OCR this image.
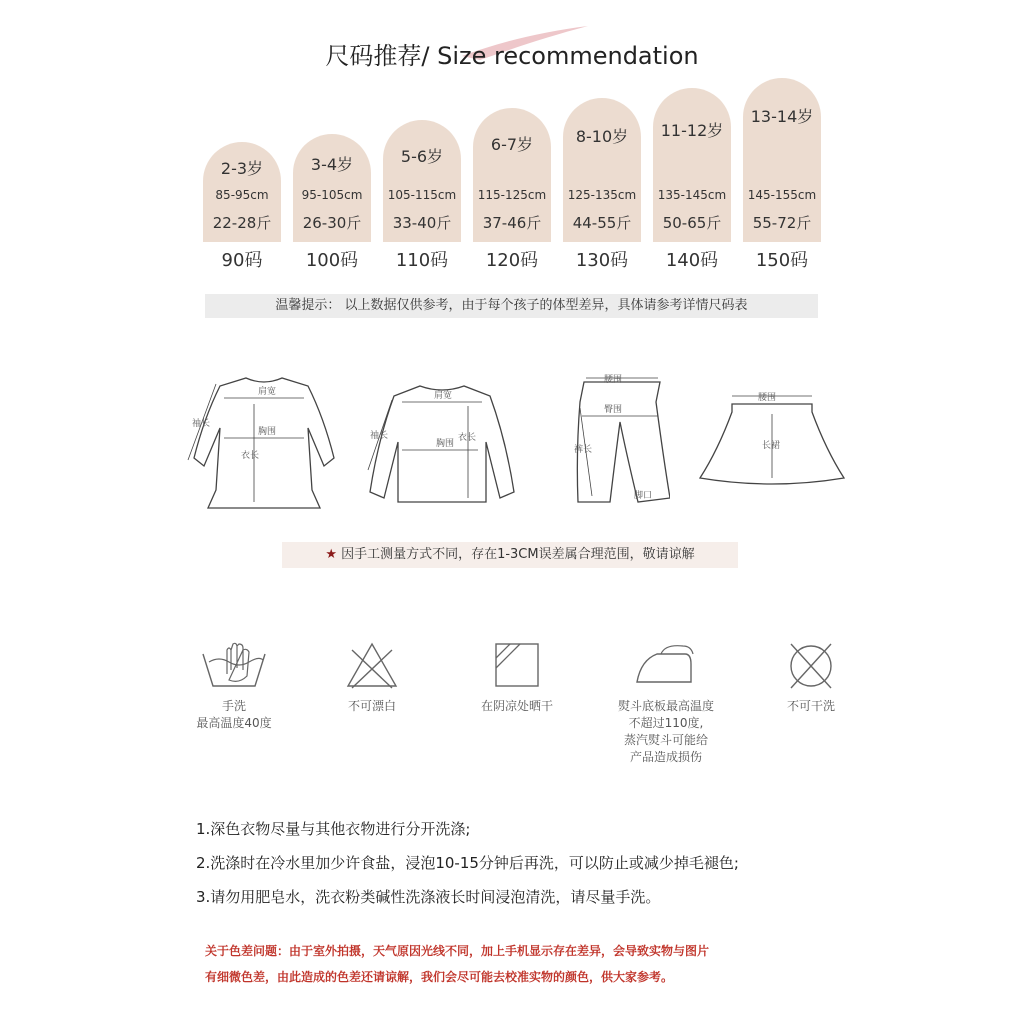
尺码推荐/ Size recommendation
2-3岁
85-95cm
22-28斤
90码
3-4岁
95-105cm
26-30斤
100码
5-6岁
105-115cm
33-40斤
110码
6-7岁
115-125cm
37-46斤
120码
8-10岁
125-135cm
44-55斤
130码
11-12岁
135-145cm
50-65斤
140码
13-14岁
145-155cm
55-72斤
150码
温馨提示： 以上数据仅供参考，由于每个孩子的体型差异，具体请参考详情尺码表
肩宽
胸围
衣长
袖长
肩宽
胸围
衣长
袖长
腰围
臀围
裤长
脚口
腰围
长裙
★ 因手工测量方式不同，存在1-3CM误差属合理范围，敬请谅解
手洗
最高温度40度
不可漂白	在阴凉处晒干	熨斗底板最高温度
不超过110度,
蒸汽熨斗可能给
产品造成损伤
不可干洗
1.深色衣物尽量与其他衣物进行分开洗涤;
2.洗涤时在冷水里加少许食盐，浸泡10-15分钟后再洗，可以防止或减少掉毛褪色;
3.请勿用肥皂水，洗衣粉类碱性洗涤液长时间浸泡清洗，请尽量手洗。
关于色差问题：由于室外拍摄，天气原因光线不同，加上手机显示存在差异，会导致实物与图片
有细微色差，由此造成的色差还请谅解，我们会尽可能去校准实物的颜色，供大家参考。
